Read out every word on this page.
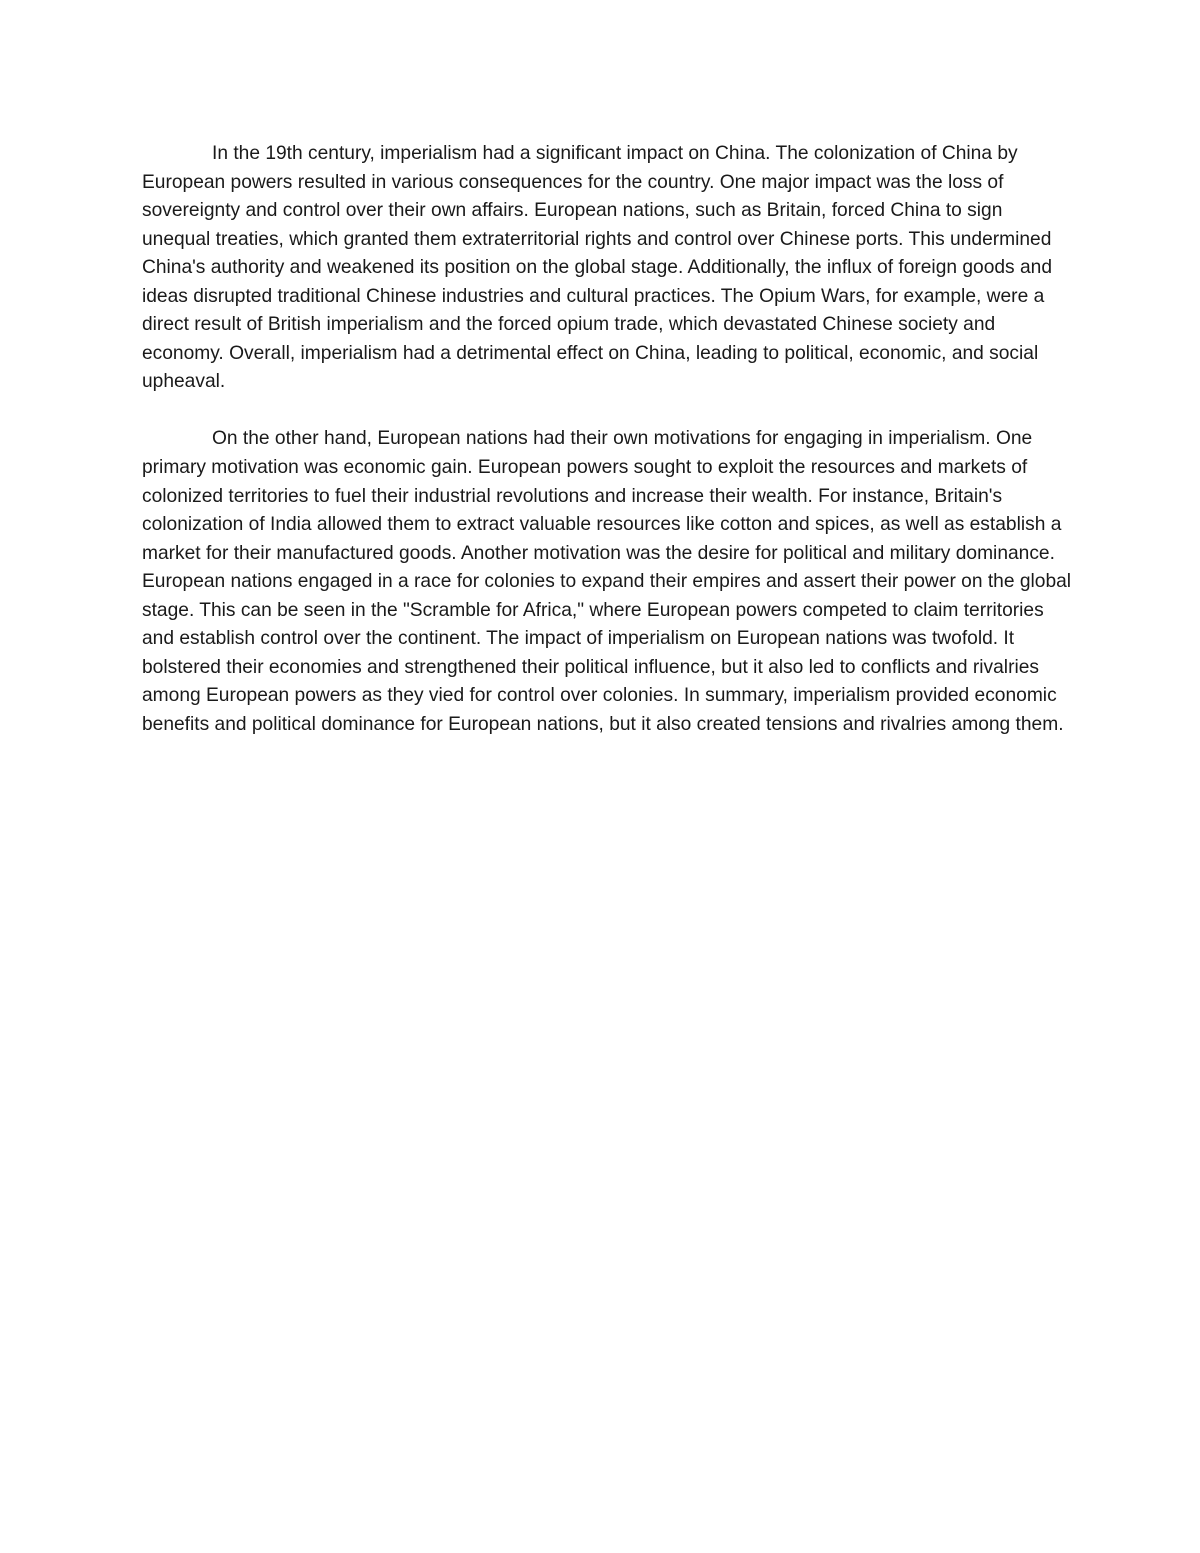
In the 19th century, imperialism had a significant impact on China. The colonization of China by European powers resulted in various consequences for the country. One major impact was the loss of sovereignty and control over their own affairs. European nations, such as Britain, forced China to sign unequal treaties, which granted them extraterritorial rights and control over Chinese ports. This undermined China's authority and weakened its position on the global stage. Additionally, the influx of foreign goods and ideas disrupted traditional Chinese industries and cultural practices. The Opium Wars, for example, were a direct result of British imperialism and the forced opium trade, which devastated Chinese society and economy. Overall, imperialism had a detrimental effect on China, leading to political, economic, and social upheaval.

On the other hand, European nations had their own motivations for engaging in imperialism. One primary motivation was economic gain. European powers sought to exploit the resources and markets of colonized territories to fuel their industrial revolutions and increase their wealth. For instance, Britain's colonization of India allowed them to extract valuable resources like cotton and spices, as well as establish a market for their manufactured goods. Another motivation was the desire for political and military dominance. European nations engaged in a race for colonies to expand their empires and assert their power on the global stage. This can be seen in the "Scramble for Africa," where European powers competed to claim territories and establish control over the continent. The impact of imperialism on European nations was twofold. It bolstered their economies and strengthened their political influence, but it also led to conflicts and rivalries among European powers as they vied for control over colonies. In summary, imperialism provided economic benefits and political dominance for European nations, but it also created tensions and rivalries among them.
